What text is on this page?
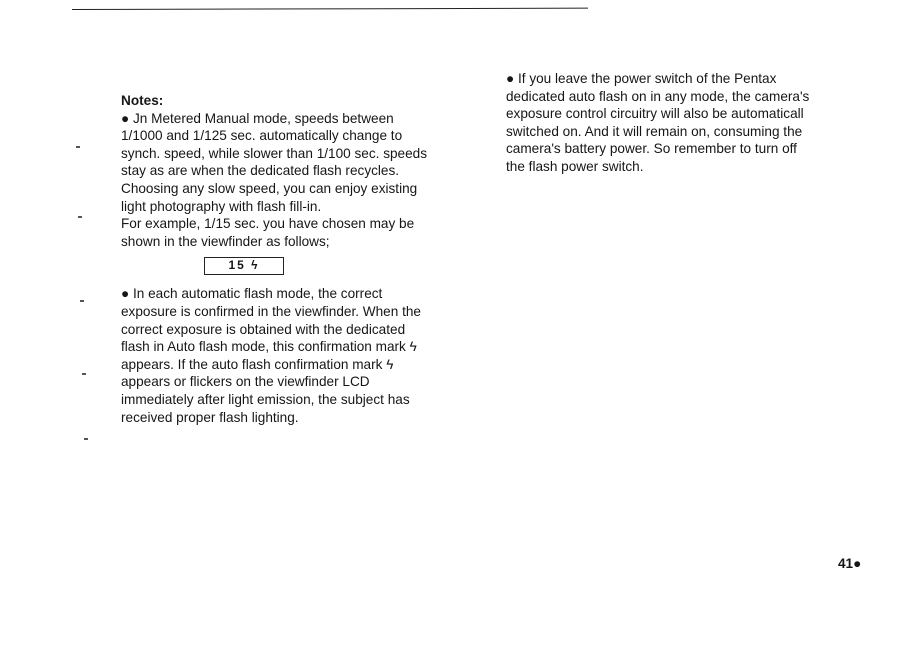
Notes:

● Jn Metered Manual mode, speeds between
1/1000 and 1/125 sec. automatically change to
synch. speed, while slower than 1/100 sec. speeds
stay as are when the dedicated flash recycles.
Choosing any slow speed, you can enjoy existing
light photography with flash fill-in.

For example, 1/15 sec. you have chosen may be
shown in the viewfinder as follows;

15 ϟ

● In each automatic flash mode, the correct
exposure is confirmed in the viewfinder. When the
correct exposure is obtained with the dedicated
flash in Auto flash mode, this confirmation mark ϟ
appears. If the auto flash confirmation mark ϟ
appears or flickers on the viewfinder LCD
immediately after light emission, the subject has
received proper flash lighting.

● If you leave the power switch of the Pentax
dedicated auto flash on in any mode, the camera's
exposure control circuitry will also be automaticall
switched on. And it will remain on, consuming the
camera's battery power. So remember to turn off
the flash power switch.

41●
